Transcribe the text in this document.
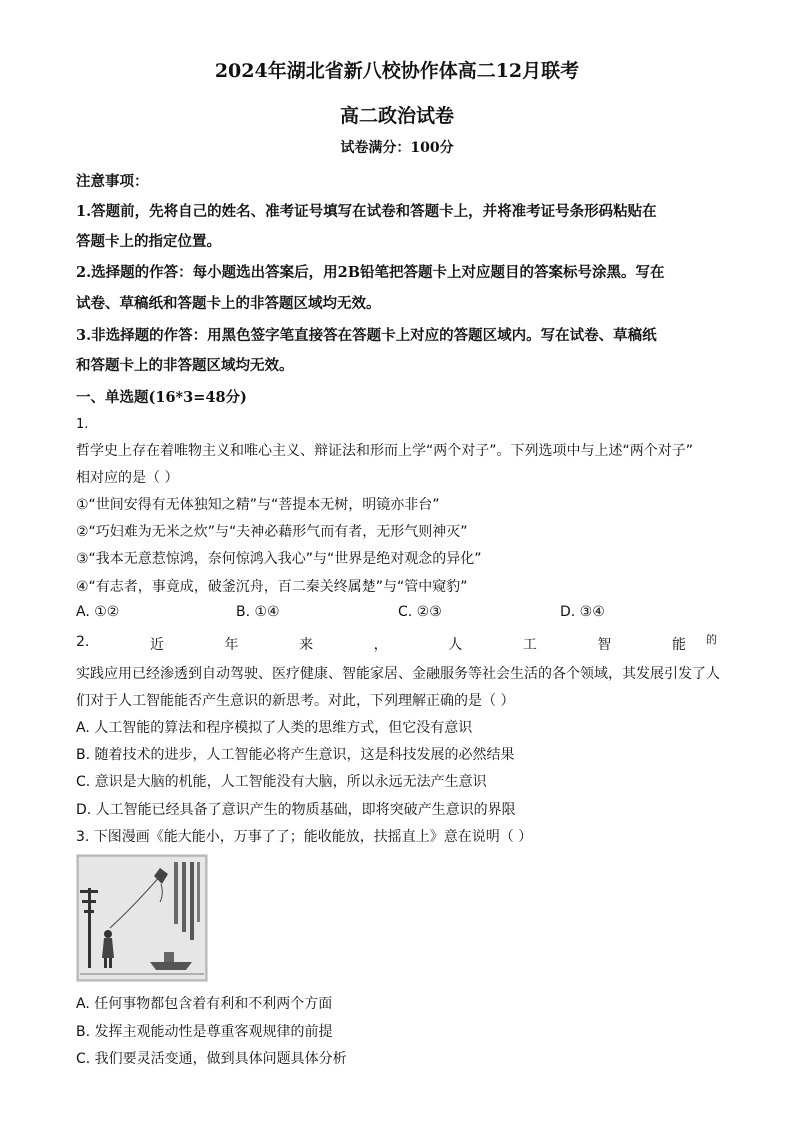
2024年湖北省新八校协作体高二12月联考
高二政治试卷
试卷满分：100分
注意事项：
1.答题前，先将自己的姓名、准考证号填写在试卷和答题卡上，并将准考证号条形码粘贴在
答题卡上的指定位置。
2.选择题的作答：每小题选出答案后，用2B铅笔把答题卡上对应题目的答案标号涂黑。写在
试卷、草稿纸和答题卡上的非答题区域均无效。
3.非选择题的作答：用黑色签字笔直接答在答题卡上对应的答题区域内。写在试卷、草稿纸
和答题卡上的非答题区域均无效。
一、单选题(16*3=48分)
1.
哲学史上存在着唯物主义和唯心主义、辩证法和形而上学“两个对子”。下列选项中与上述“两个对子”
相对应的是（ ）
①“世间安得有无体独知之精”与“菩提本无树，明镜亦非台”
②“巧妇难为无米之炊”与“夫神必藉形气而有者，无形气则神灭”
③“我本无意惹惊鸿，奈何惊鸿入我心”与“世界是绝对观念的异化”
④“有志者，事竟成，破釜沉舟，百二秦关终属楚”与“管中窥豹”
A. ①②	B. ①④	C. ②③	D. ③④
2.	近	年	来	，	人	工	智	能 的
实践应用已经渗透到自动驾驶、医疗健康、智能家居、金融服务等社会生活的各个领域，其发展引发了人
们对于人工智能能否产生意识的新思考。对此，下列理解正确的是（ ）
A. 人工智能的算法和程序模拟了人类的思维方式，但它没有意识
B. 随着技术的进步，人工智能必将产生意识，这是科技发展的必然结果
C. 意识是大脑的机能，人工智能没有大脑，所以永远无法产生意识
D. 人工智能已经具备了意识产生的物质基础，即将突破产生意识的界限
3. 下图漫画《能大能小，万事了了；能收能放，扶摇直上》意在说明（ ）
A. 任何事物都包含着有利和不利两个方面
B. 发挥主观能动性是尊重客观规律的前提
C. 我们要灵活变通，做到具体问题具体分析
